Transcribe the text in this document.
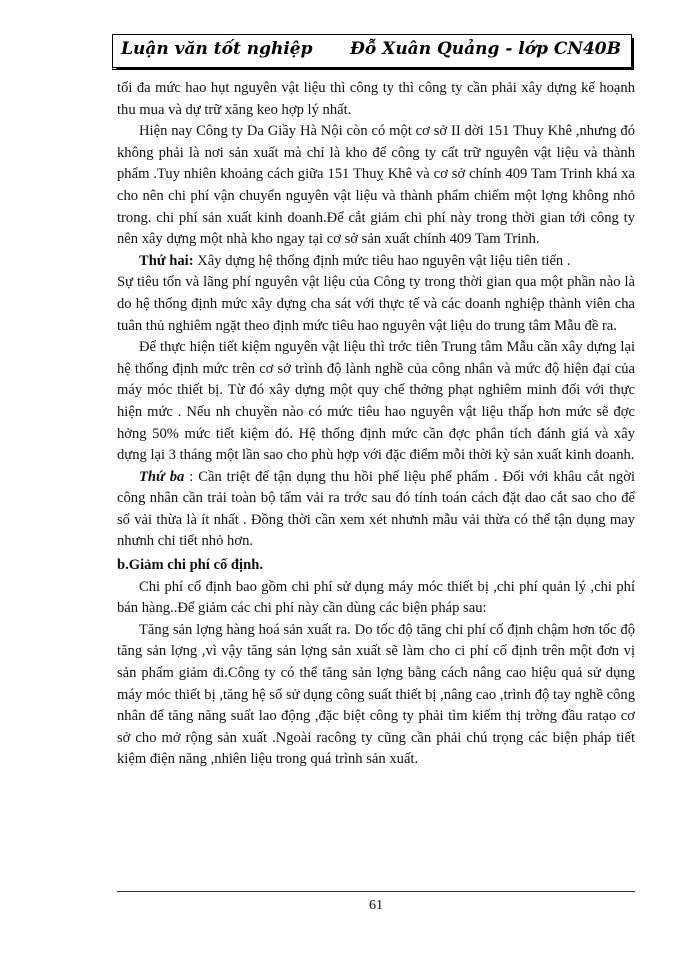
Luận văn tốt nghiệp Đỗ Xuân Quảng - lớp CN40B

tối đa mức hao hụt nguyên vật liệu thì công ty thì công ty cần phải xây dựng kế hoạnh thu mua và dự trữ xăng keo hợp lý nhất.

Hiện nay Công ty Da Giầy Hà Nội còn có một cơ sở II dời 151 Thuy Khê ,nhưng đó không phải là nơi sản xuất mà chỉ là kho để công ty cất trữ nguyên vật liệu và thành phẩm .Tuy nhiên khoảng cách giữa 151 Thuỵ Khê và cơ sở chính 409 Tam Trinh khá xa cho nên chi phí vận chuyển nguyên vật liệu và thành phẩm chiếm một lợng không nhỏ trong. chi phí sản xuất kinh doanh.Để cắt giảm chi phí này trong thời gian tới công ty nên xây dựng một nhà kho ngay tại cơ sở sản xuất chính 409 Tam Trinh.

Thứ hai: Xây dựng hệ thống định mức tiêu hao nguyên vật liệu tiên tiến .

Sự tiêu tốn và lãng phí nguyên vật liệu của Công ty trong thời gian qua một phần nào là do hệ thống định mức xây dựng cha sát với thực tế và các doanh nghiệp thành viên cha tuân thủ nghiêm ngặt theo định mức tiêu hao nguyên vật liệu do trung tâm Mẫu đề ra.

Để thực hiện tiết kiệm nguyên vật liệu thì trớc tiên Trung tâm Mẫu cần xây dựng lại hệ thống định mức trên cơ sở trình độ lành nghề của công nhân và mức độ hiện đại của máy móc thiết bị. Từ đó xây dựng một quy chế thởng phạt nghiêm minh đối với thực hiện mức . Nếu nh chuyền nào có mức tiêu hao nguyên vật liệu thấp hơn mức sẽ đợc hởng 50% mức tiết kiệm đó. Hệ thống định mức cần đợc phân tích đánh giá và xây dựng lại 3 tháng một lần sao cho phù hợp với đặc điểm mỗi thời kỳ sản xuất kinh doanh.

Thứ ba : Cần triệt để tận dụng thu hồi phế liệu phế phẩm . Đối với khâu cắt ngời công nhân cần trải toàn bộ tấm vải ra trớc sau đó tính toán cách đặt dao cắt sao cho để số vải thừa là ít nhất . Đồng thời cần xem xét nhưnh mẫu vải thừa có thể tận dụng may nhưnh chi tiết nhỏ hơn.

b.Giảm chi phí cố định.

Chi phí cố định bao gồm chi phí sử dụng máy móc thiết bị ,chi phí quản lý ,chi phí bán hàng..Để giảm các chi phí này cần dùng các biện pháp sau:

Tăng sản lợng hàng hoá sản xuất ra. Do tốc độ tăng chi phí cố định chậm hơn tốc độ tăng sản lợng ,vì vậy tăng sản lợng sản xuất sẽ làm cho ci phí cố định trên một đơn vị sản phẩm giảm đi.Công ty có thể tăng sản lợng bằng cách nâng cao hiệu quả sử dụng máy móc thiết bị ,tăng hệ số sử dụng công suất thiết bị ,nâng cao ,trình độ tay nghề công nhân để tăng năng suất lao động ,đặc biệt công ty phải tìm kiếm thị trờng đầu ratạo cơ sở cho mở rộng sản xuất .Ngoài racông ty cũng cần phải chú trọng các biện pháp tiết kiệm điện năng ,nhiên liệu trong quá trình sản xuất.

61
